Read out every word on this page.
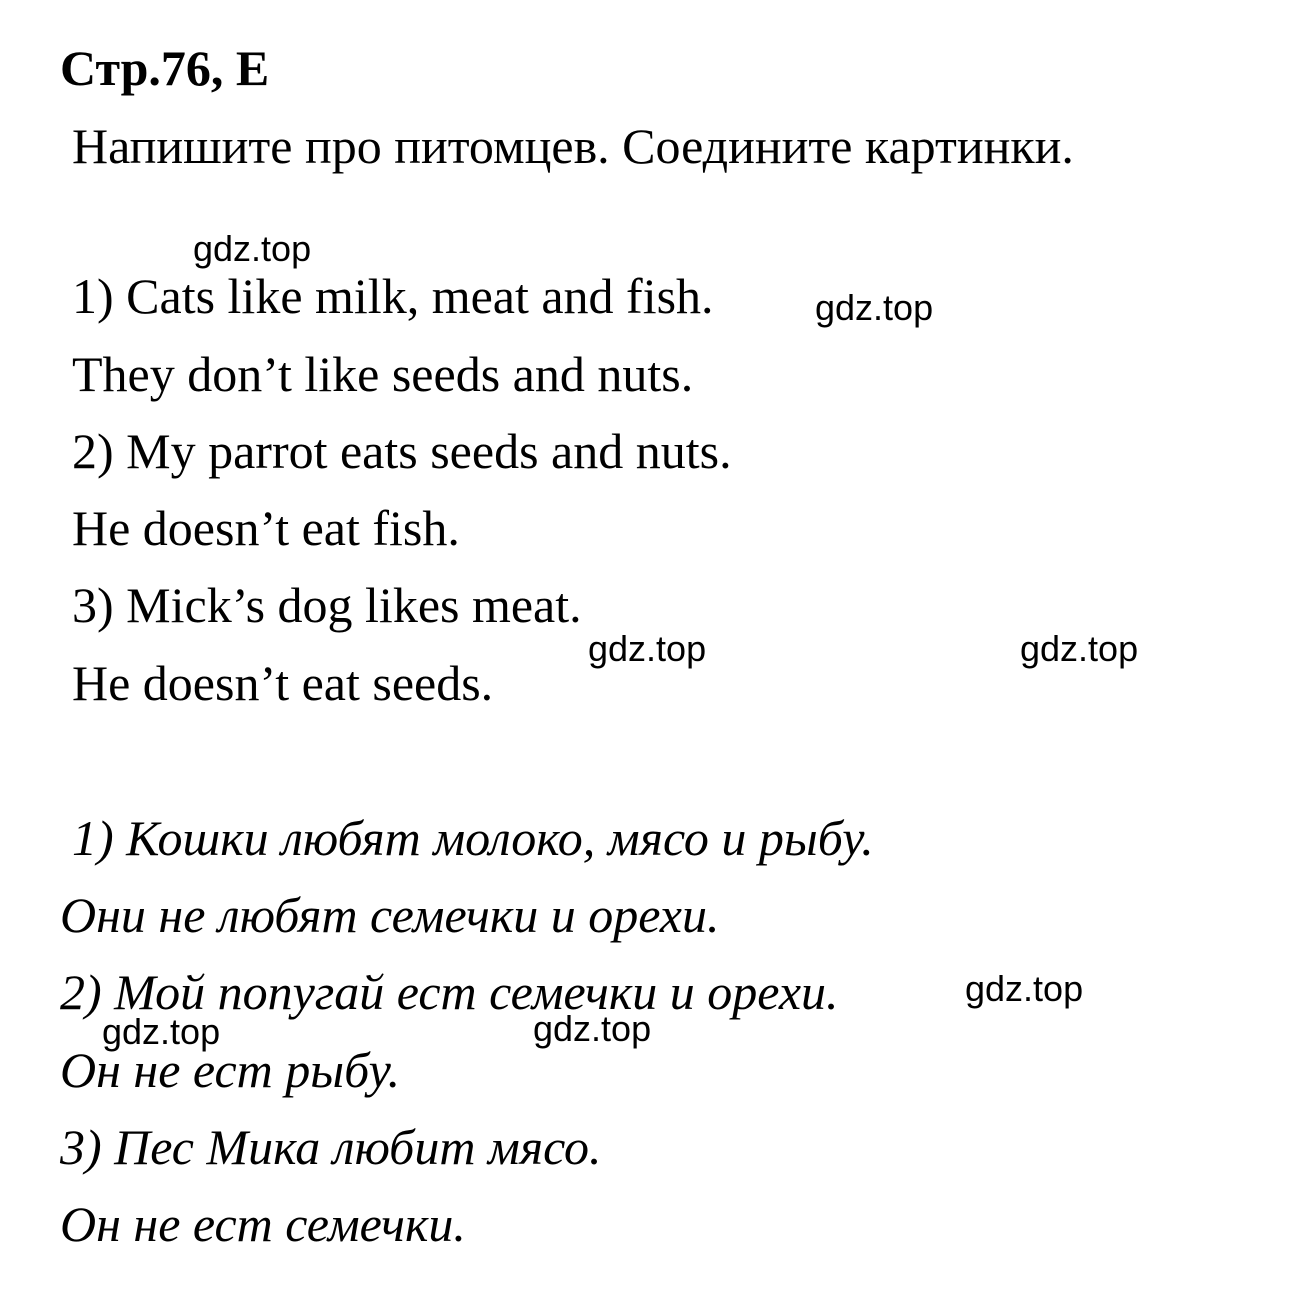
Стр.76, E
Напишите про питомцев. Соедините картинки.
1) Cats like milk, meat and fish.
They don’t like seeds and nuts.
2) My parrot eats seeds and nuts.
He doesn’t eat fish.
3) Mick’s dog likes meat.
He doesn’t eat seeds.
1) Кошки любят молоко, мясо и рыбу.
Они не любят семечки и орехи.
2) Мой попугай ест семечки и орехи.
Он не ест рыбу.
3) Пес Мика любит мясо.
Он не ест семечки.
gdz.top
gdz.top
gdz.top	gdz.top
gdz.top
gdz.top	gdz.top
